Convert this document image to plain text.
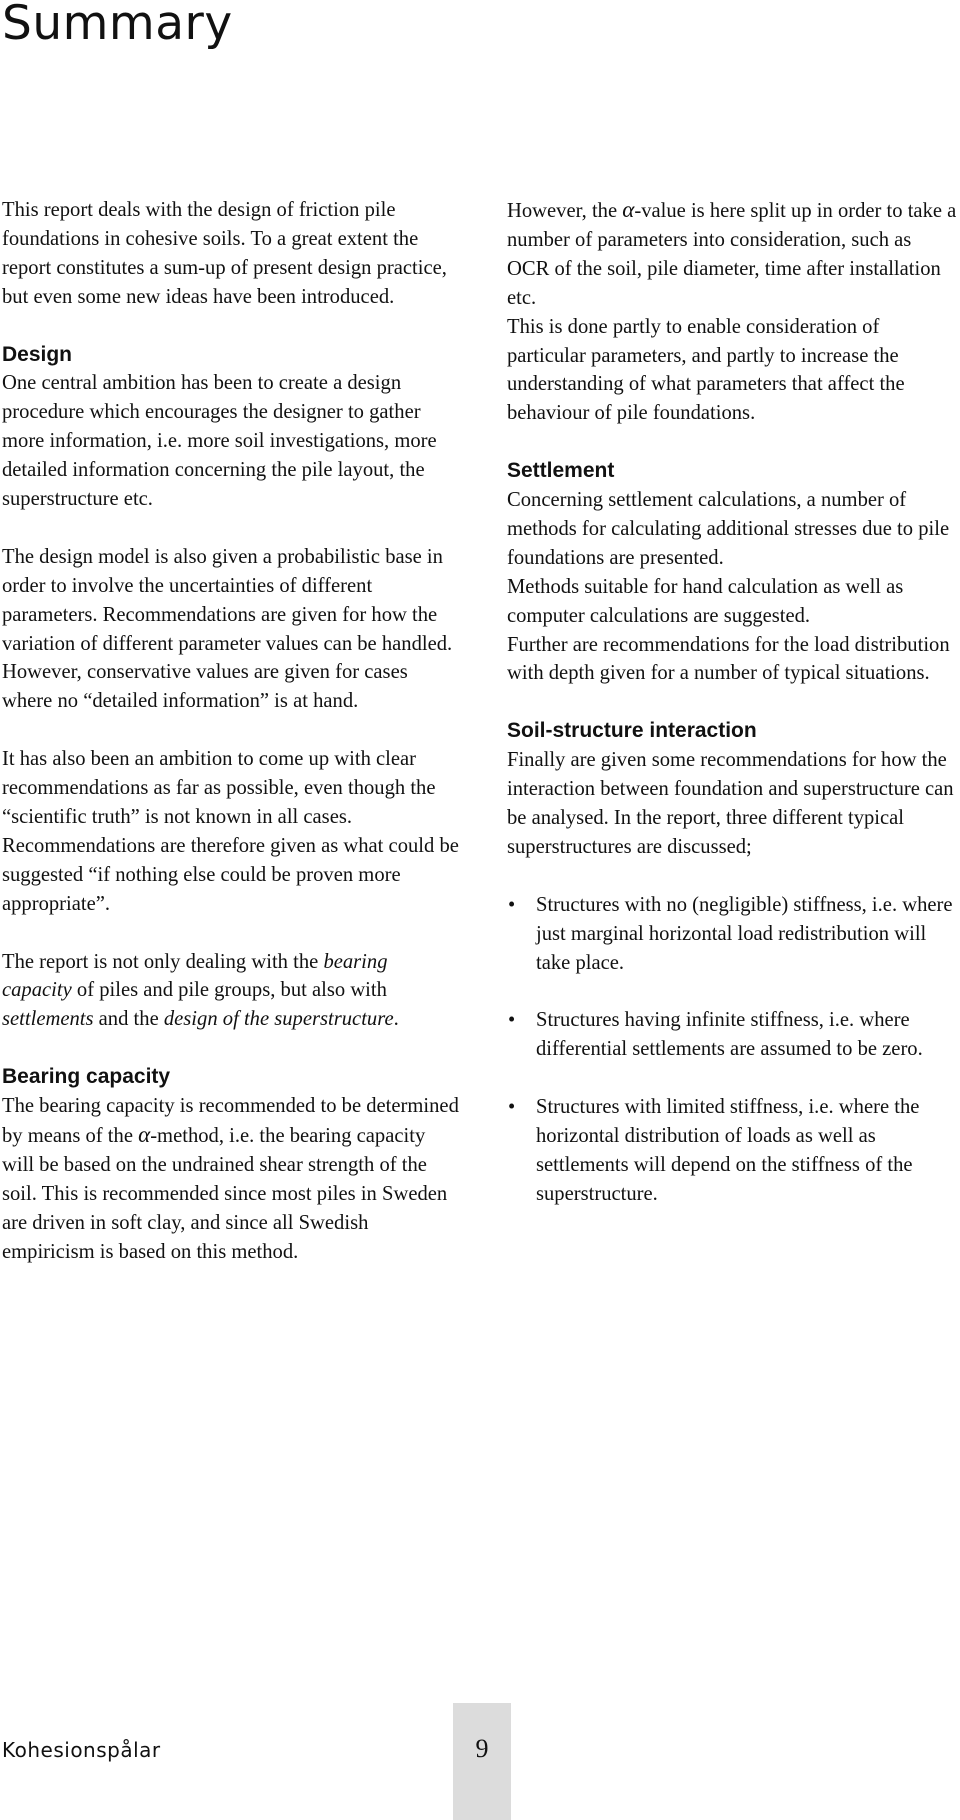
Summary

This report deals with the design of friction pile foundations in cohesive soils. To a great extent the report constitutes a sum-up of present design practice, but even some new ideas have been introduced.

Design

One central ambition has been to create a design procedure which encourages the designer to gather more information, i.e. more soil investigations, more detailed information concerning the pile layout, the superstructure etc.

The design model is also given a probabilistic base in order to involve the uncertainties of different parameters. Recommendations are given for how the variation of different parameter values can be handled. However, conservative values are given for cases where no “detailed information” is at hand.

It has also been an ambition to come up with clear recommendations as far as possible, even though the “scientific truth” is not known in all cases. Recommendations are therefore given as what could be suggested “if nothing else could be proven more appropriate”.

The report is not only dealing with the bearing capacity of piles and pile groups, but also with settlements and the design of the superstructure.

Bearing capacity

The bearing capacity is recommended to be determined by means of the α-method, i.e. the bearing capacity will be based on the undrained shear strength of the soil. This is recommended since most piles in Sweden are driven in soft clay, and since all Swedish empiricism is based on this method.

However, the α-value is here split up in order to take a number of parameters into consideration, such as OCR of the soil, pile diameter, time after installation etc.

This is done partly to enable consideration of particular parameters, and partly to increase the understanding of what parameters that affect the behaviour of pile foundations.

Settlement

Concerning settlement calculations, a number of methods for calculating additional stresses due to pile foundations are presented.

Methods suitable for hand calculation as well as computer calculations are suggested.

Further are recommendations for the load distribution with depth given for a number of typical situations.

Soil-structure interaction

Finally are given some recommendations for how the interaction between foundation and superstructure can be analysed. In the report, three different typical superstructures are discussed;

• Structures with no (negligible) stiffness, i.e. where just marginal horizontal load redistribution will take place.
• Structures having infinite stiffness, i.e. where differential settlements are assumed to be zero.
• Structures with limited stiffness, i.e. where the horizontal distribution of loads as well as settlements will depend on the stiffness of the superstructure.
Kohesionspålar	9
